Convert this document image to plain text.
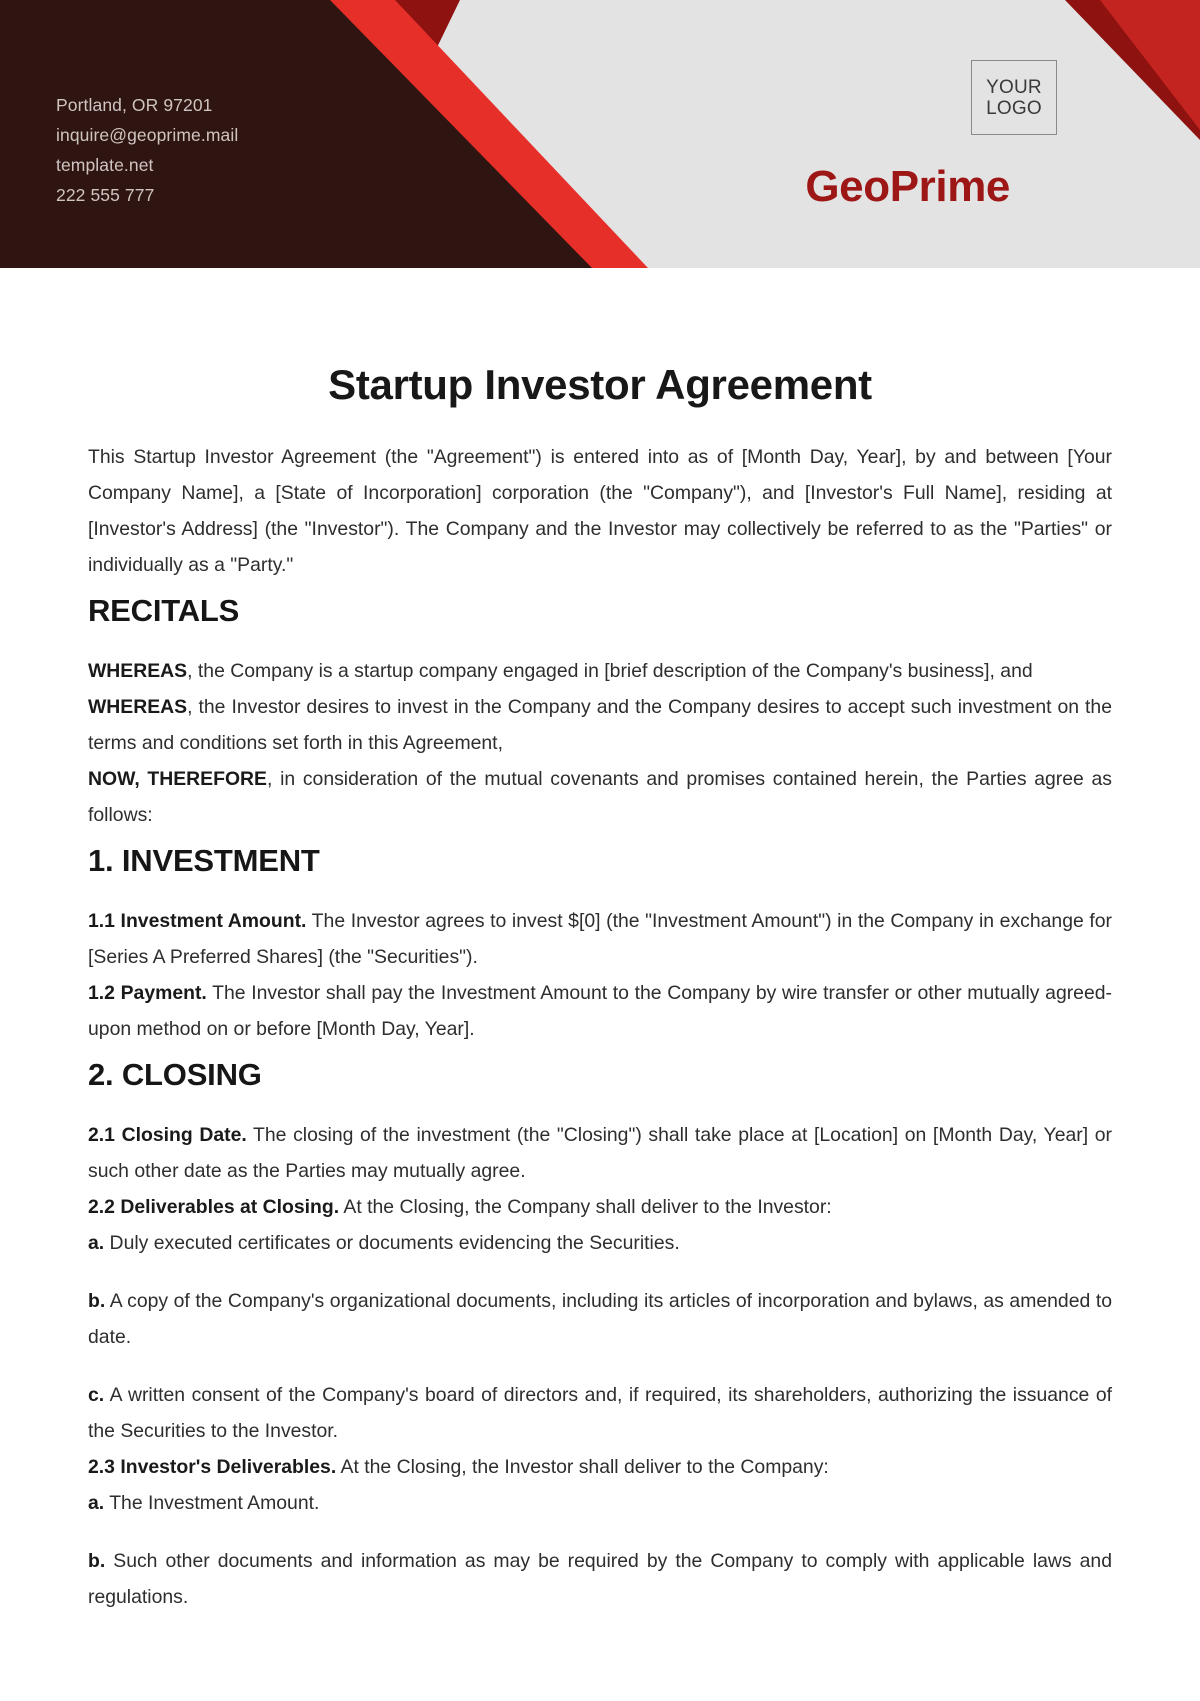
Portland, OR 97201
inquire@geoprime.mail
template.net
222 555 777
YOUR
LOGO
GeoPrime
Startup Investor Agreement

This Startup Investor Agreement (the "Agreement") is entered into as of [Month Day, Year], by and between [Your Company Name], a [State of Incorporation] corporation (the "Company"), and [Investor's Full Name], residing at [Investor's Address] (the "Investor"). The Company and the Investor may collectively be referred to as the "Parties" or individually as a "Party."

RECITALS

WHEREAS, the Company is a startup company engaged in [brief description of the Company's business], and

WHEREAS, the Investor desires to invest in the Company and the Company desires to accept such investment on the terms and conditions set forth in this Agreement,

NOW, THEREFORE, in consideration of the mutual covenants and promises contained herein, the Parties agree as follows:

1. INVESTMENT

1.1 Investment Amount. The Investor agrees to invest $[0] (the "Investment Amount") in the Company in exchange for [Series A Preferred Shares] (the "Securities").

1.2 Payment. The Investor shall pay the Investment Amount to the Company by wire transfer or other mutually agreed-upon method on or before [Month Day, Year].

2. CLOSING

2.1 Closing Date. The closing of the investment (the "Closing") shall take place at [Location] on [Month Day, Year] or such other date as the Parties may mutually agree.

2.2 Deliverables at Closing. At the Closing, the Company shall deliver to the Investor:

a. Duly executed certificates or documents evidencing the Securities.

b. A copy of the Company's organizational documents, including its articles of incorporation and bylaws, as amended to date.

c. A written consent of the Company's board of directors and, if required, its shareholders, authorizing the issuance of the Securities to the Investor.

2.3 Investor's Deliverables. At the Closing, the Investor shall deliver to the Company:

a. The Investment Amount.

b. Such other documents and information as may be required by the Company to comply with applicable laws and regulations.
